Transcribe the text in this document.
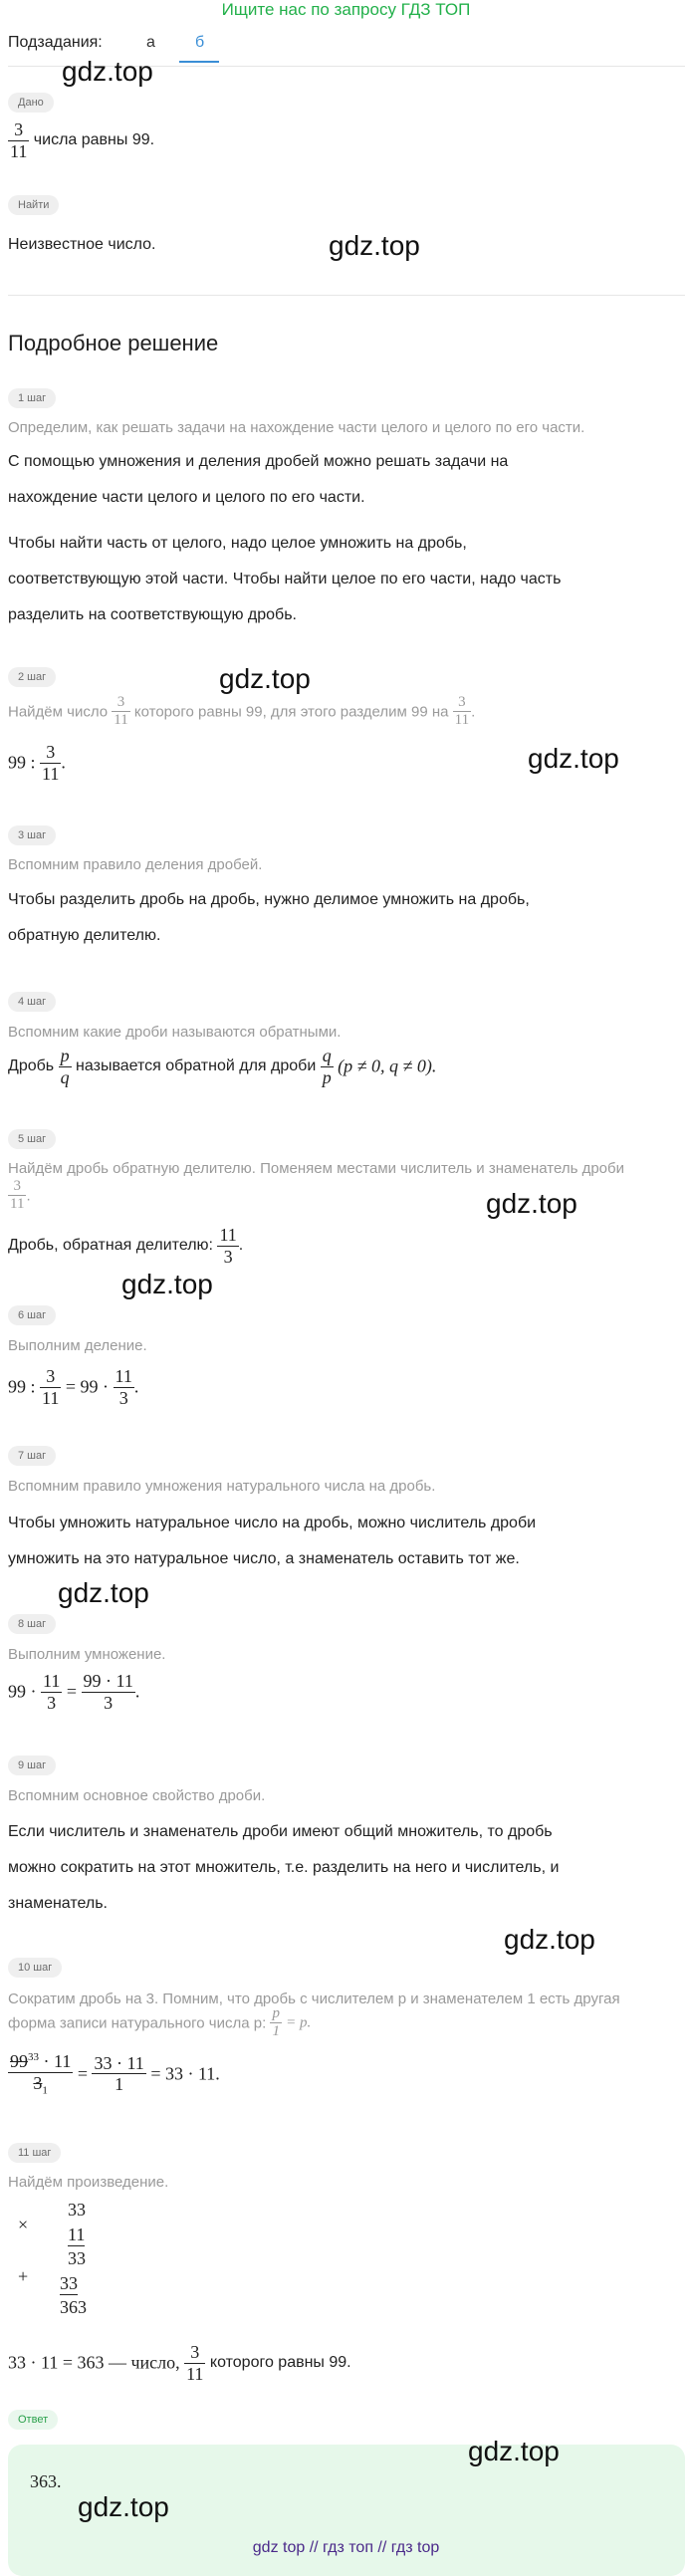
Ищите нас по запросу ГДЗ ТОП
Подзадания:	а	б
Дано
$\frac{3}{11}$ числа равны 99.
Найти
Неизвестное число.
Подробное решение
1 шаг
Определим, как решать задачи на нахождение части целого и целого по его части.
С помощью умножения и деления дробей можно решать задачи на
нахождение части целого и целого по его части.
Чтобы найти часть от целого, надо целое умножить на дробь,
соответствующую этой части. Чтобы найти целое по его части, надо часть
разделить на соответствующую дробь.
2 шаг
Найдём число $\frac{3}{11}$ которого равны 99, для этого разделим 99 на $\frac{3}{11}$ .
99 : $\frac{3}{11}$ .
3 шаг
Вспомним правило деления дробей.
Чтобы разделить дробь на дробь, нужно делимое умножить на дробь,
обратную делителю.
4 шаг
Вспомним какие дроби называются обратными.
Дробь $\frac{p}{q}$ называется обратной для дроби $\frac{q}{p} (p \ne 0$, q ≠ 0).
5 шаг
Найдём дробь обратную делителю. Поменяем местами числитель и знаменатель дроби
$\frac{3}{11}$ .
Дробь, обратная делителю: $\frac{11}{3}$ .
6 шаг
Выполним деление.
99 : $\frac{3}{11} = 99 \cdot \frac{11}{3}$ .
7 шаг
Вспомним правило умножения натурального числа на дробь.
Чтобы умножить натуральное число на дробь, можно числитель дроби
умножить на это натуральное число, а знаменатель оставить тот же.
8 шаг
Выполним умножение.
$99 \cdot \frac{11}{3} = \frac{99 \cdot 11}{3}$ .
9 шаг
Вспомним основное свойство дроби.
Если числитель и знаменатель дроби имеют общий множитель, то дробь
можно сократить на этот множитель, т.е. разделить на него и числитель, и
знаменатель.
10 шаг
Сократим дробь на 3. Помним, что дробь с числителем p и знаменателем 1 есть другая
форма записи натурального числа p: $\frac{p}{1} = p$.
$\frac{99^{33} \cdot 11}{3_1} = \frac{33 \cdot 11}{1} = 33 \cdot 11$.
11 шаг
Найдём произведение.
×
33
11
+
33
33
363
33 · 11 = 363 — число, $\frac{3}{11}$ которого равны 99.
Ответ
363.
gdz.top
gdz.top
gdz.top
gdz.top
gdz.top
gdz.top
gdz.top
gdz.top
gdz.top
gdz.top
gdz top // гдз топ // гдз top
